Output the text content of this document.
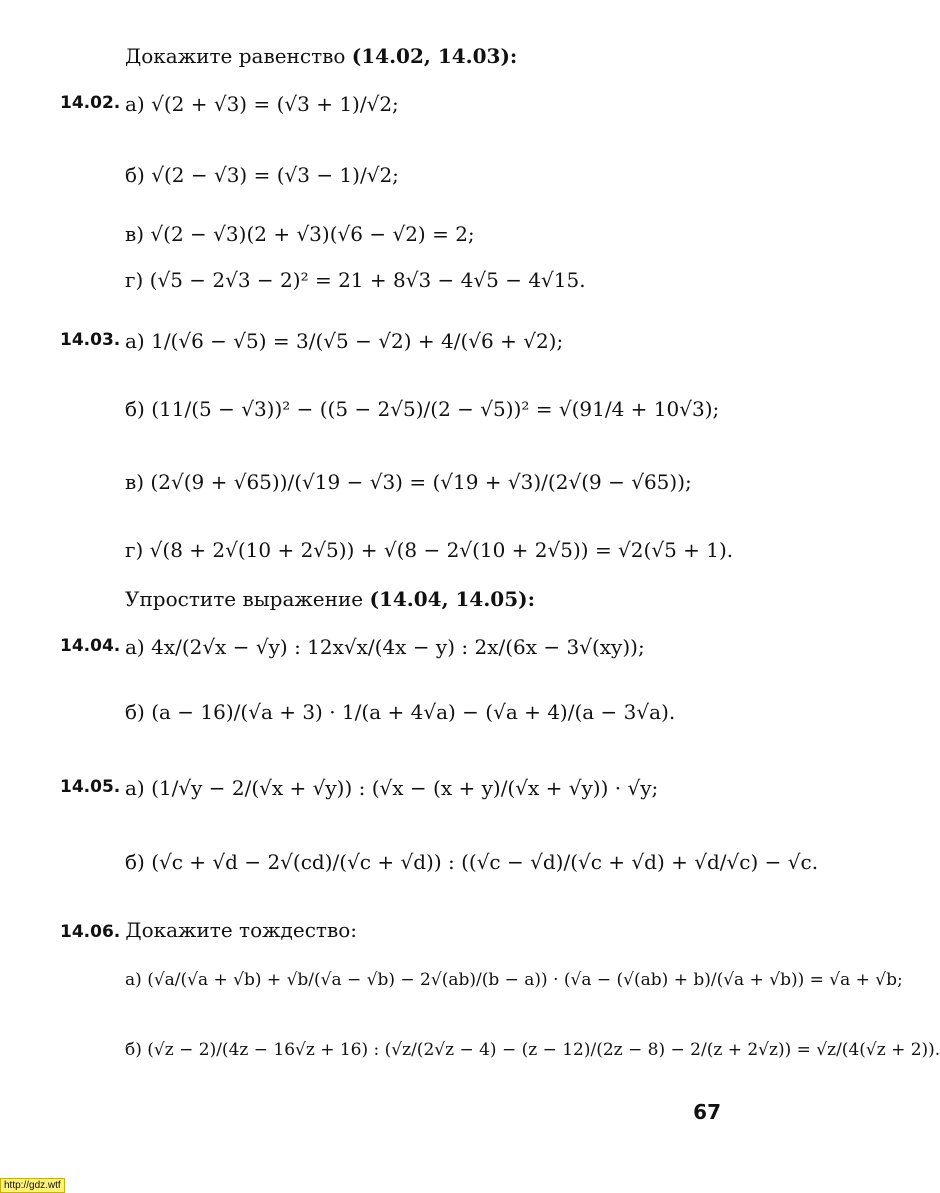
Докажите равенство (14.02, 14.03):
14.02. а) √(2 + √3) = (√3 + 1)/√2;
б) √(2 − √3) = (√3 − 1)/√2;
в) √(2 − √3)(2 + √3)(√6 − √2) = 2;
г) (√5 − 2√3 − 2)² = 21 + 8√3 − 4√5 − 4√15.
14.03. а) 1/(√6 − √5) = 3/(√5 − √2) + 4/(√6 + √2);
б) (11/(5 − √3))² − ((5 − 2√5)/(2 − √5))² = √(91/4 + 10√3);
в) (2√(9 + √65))/(√19 − √3) = (√19 + √3)/(2√(9 − √65));
г) √(8 + 2√(10 + 2√5)) + √(8 − 2√(10 + 2√5)) = √2(√5 + 1).
Упростите выражение (14.04, 14.05):
14.04. а) 4x/(2√x − √y) : 12x√x/(4x − y) : 2x/(6x − 3√(xy));
б) (a − 16)/(√a + 3) · 1/(a + 4√a) − (√a + 4)/(a − 3√a).
14.05. а) (1/√y − 2/(√x + √y)) : (√x − (x + y)/(√x + √y)) · √y;
б) (√c + √d − 2√(cd)/(√c + √d)) : ((√c − √d)/(√c + √d) + √d/√c) − √c.
14.06. Докажите тождество:
а) (√a/(√a + √b) + √b/(√a − √b) − 2√(ab)/(b − a)) · (√a − (√(ab) + b)/(√a + √b)) = √a + √b;
б) (√z − 2)/(4z − 16√z + 16) : (√z/(2√z − 4) − (z − 12)/(2z − 8) − 2/(z + 2√z)) = √z/(4(√z + 2)).
67
http://gdz.wtf
